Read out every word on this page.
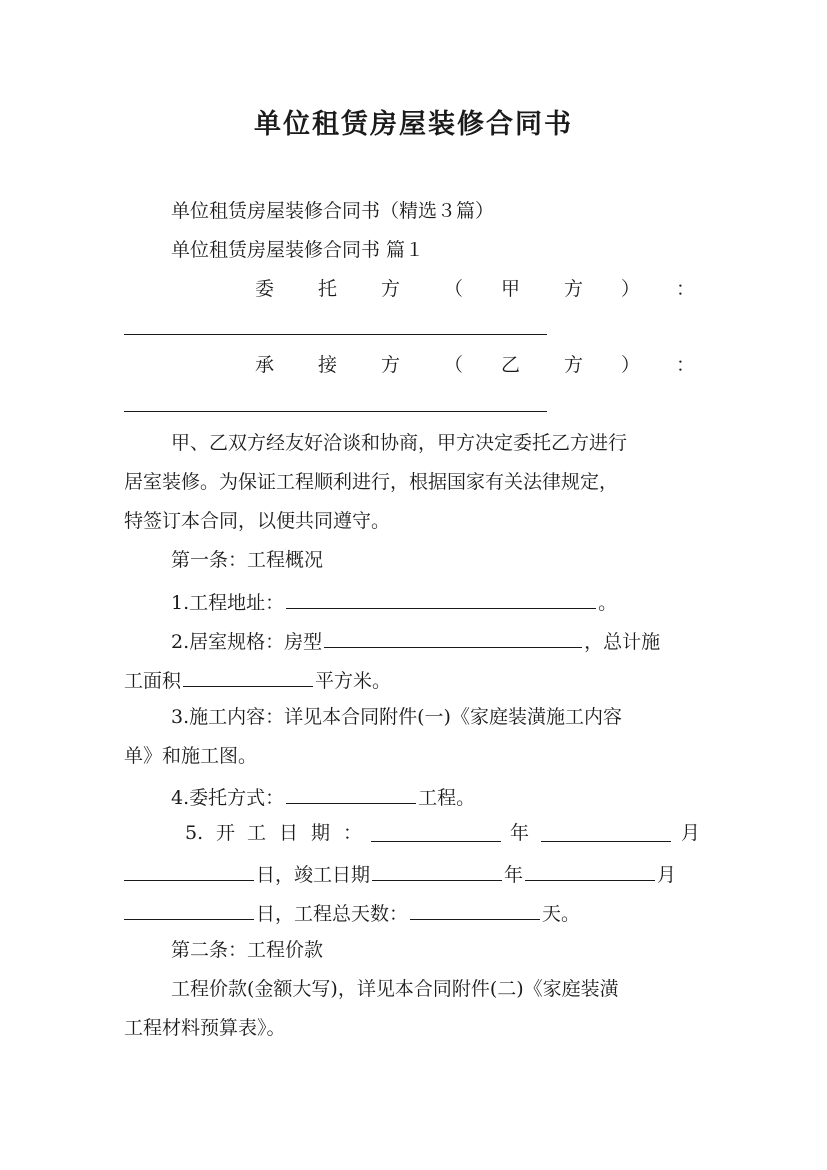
单位租赁房屋装修合同书
单位租赁房屋装修合同书（精选３篇）
单位租赁房屋装修合同书 篇１
委 托 方 （ 甲 方 ） ：
承 接 方 （ 乙 方 ） ：
甲、乙双方经友好洽谈和协商，甲方决定委托乙方进行
居室装修。为保证工程顺利进行，根据国家有关法律规定，
特签订本合同，以便共同遵守。
第一条：工程概况
1.工程地址：	。
2.居室规格：房型	，总计施
工面积	平方米。
3.施工内容：详见本合同附件(一)《家庭装潢施工内容
单》和施工图。
4.委托方式：	工程。
5. 开 工 日 期 ：	年	月
日，竣工日期	年	月
日，工程总天数：	天。
第二条：工程价款
工程价款(金额大写)，详见本合同附件(二)《家庭装潢
工程材料预算表》。
